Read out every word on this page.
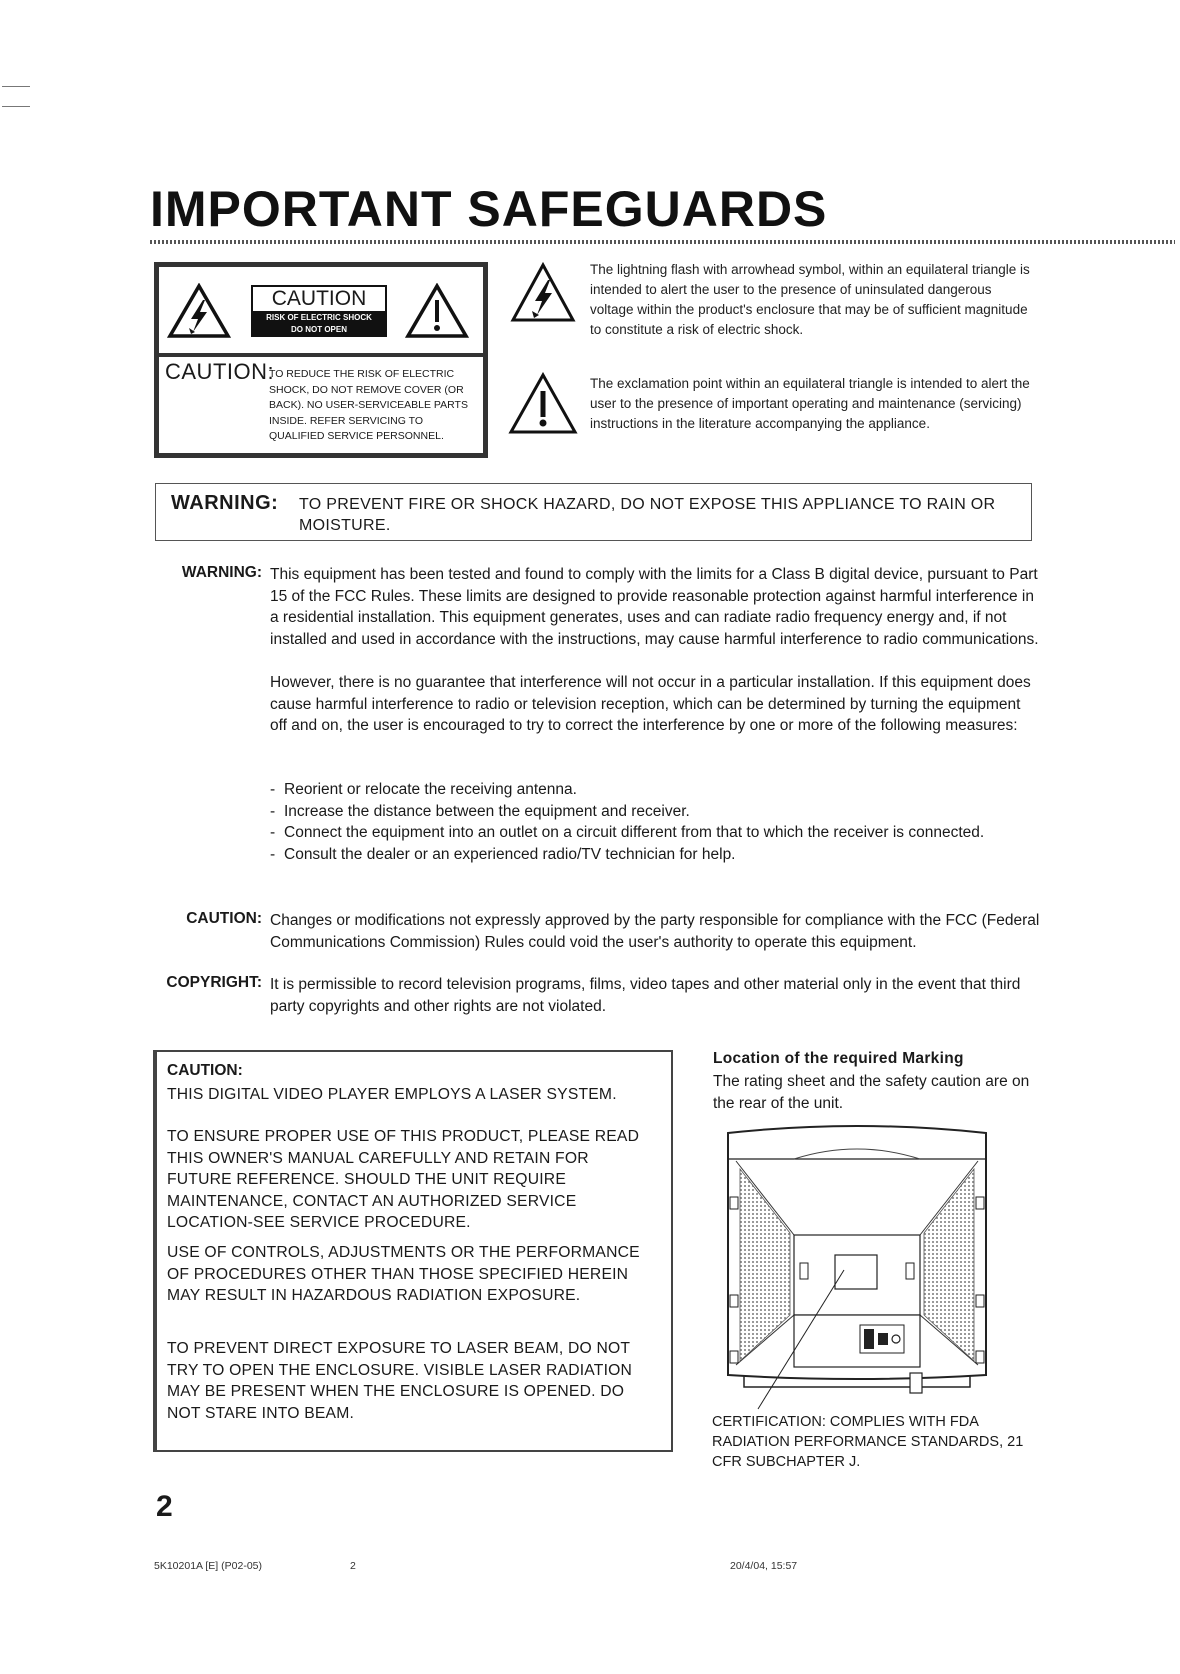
IMPORTANT SAFEGUARDS
CAUTION
RISK OF ELECTRIC SHOCK
DO NOT OPEN
CAUTION:
TO REDUCE THE RISK OF ELECTRIC SHOCK, DO NOT REMOVE COVER (OR BACK). NO USER-SERVICEABLE PARTS INSIDE. REFER SERVICING TO QUALIFIED SERVICE PERSONNEL.
The lightning flash with arrowhead symbol, within an equilateral triangle is intended to alert the user to the presence of uninsulated dangerous voltage within the product's enclosure that may be of sufficient magnitude to constitute a risk of electric shock.
The exclamation point within an equilateral triangle is intended to alert the user to the presence of important operating and maintenance (servicing) instructions in the literature accompanying the appliance.
WARNING: TO PREVENT FIRE OR SHOCK HAZARD, DO NOT EXPOSE THIS APPLIANCE TO RAIN OR MOISTURE.
WARNING: This equipment has been tested and found to comply with the limits for a Class B digital device, pursuant to Part 15 of the FCC Rules. These limits are designed to provide reasonable protection against harmful interference in a residential installation. This equipment generates, uses and can radiate radio frequency energy and, if not installed and used in accordance with the instructions, may cause harmful interference to radio communications.
However, there is no guarantee that interference will not occur in a particular installation. If this equipment does cause harmful interference to radio or television reception, which can be determined by turning the equipment off and on, the user is encouraged to try to correct the interference by one or more of the following measures:
- Reorient or relocate the receiving antenna.
- Increase the distance between the equipment and receiver.
- Connect the equipment into an outlet on a circuit different from that to which the receiver is connected.
- Consult the dealer or an experienced radio/TV technician for help.
CAUTION: Changes or modifications not expressly approved by the party responsible for compliance with the FCC (Federal Communications Commission) Rules could void the user's authority to operate this equipment.
COPYRIGHT: It is permissible to record television programs, films, video tapes and other material only in the event that third party copyrights and other rights are not violated.
CAUTION:
THIS DIGITAL VIDEO PLAYER EMPLOYS A LASER SYSTEM.
TO ENSURE PROPER USE OF THIS PRODUCT, PLEASE READ THIS OWNER'S MANUAL CAREFULLY AND RETAIN FOR FUTURE REFERENCE. SHOULD THE UNIT REQUIRE MAINTENANCE, CONTACT AN AUTHORIZED SERVICE LOCATION-SEE SERVICE PROCEDURE.
USE OF CONTROLS, ADJUSTMENTS OR THE PERFORMANCE OF PROCEDURES OTHER THAN THOSE SPECIFIED HEREIN MAY RESULT IN HAZARDOUS RADIATION EXPOSURE.
TO PREVENT DIRECT EXPOSURE TO LASER BEAM, DO NOT TRY TO OPEN THE ENCLOSURE. VISIBLE LASER RADIATION MAY BE PRESENT WHEN THE ENCLOSURE IS OPENED. DO NOT STARE INTO BEAM.
Location of the required Marking
The rating sheet and the safety caution are on the rear of the unit.
CERTIFICATION: COMPLIES WITH FDA RADIATION PERFORMANCE STANDARDS, 21 CFR SUBCHAPTER J.
2
5K10201A [E] (P02-05)	2	20/4/04, 15:57
